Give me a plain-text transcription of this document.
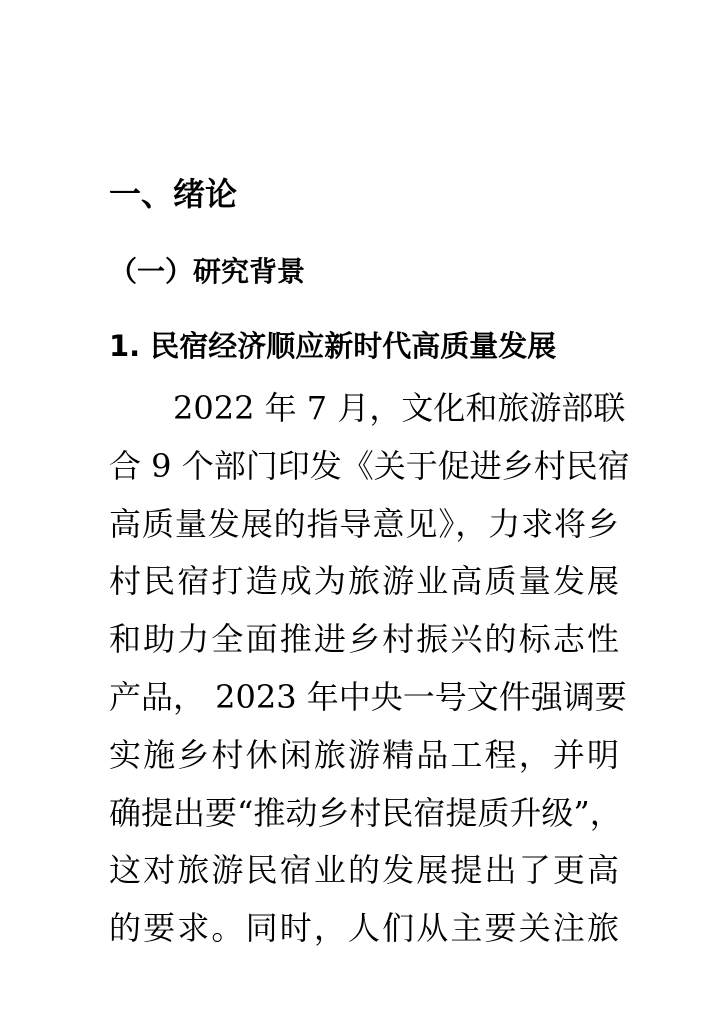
一、绪论
（一）研究背景
1. 民宿经济顺应新时代高质量发展
2022 年 7 月，文化和旅游部联
合 9 个部门印发《关于促进乡村民宿
高质量发展的指导意见》，力求将乡
村民宿打造成为旅游业高质量发展
和助力全面推进乡村振兴的标志性
产品， 2023 年中央一号文件强调要
实施乡村休闲旅游精品工程，并明
确提出要“推动乡村民宿提质升级”，
这对旅游民宿业的发展提出了更高
的要求。同时，人们从主要关注旅
